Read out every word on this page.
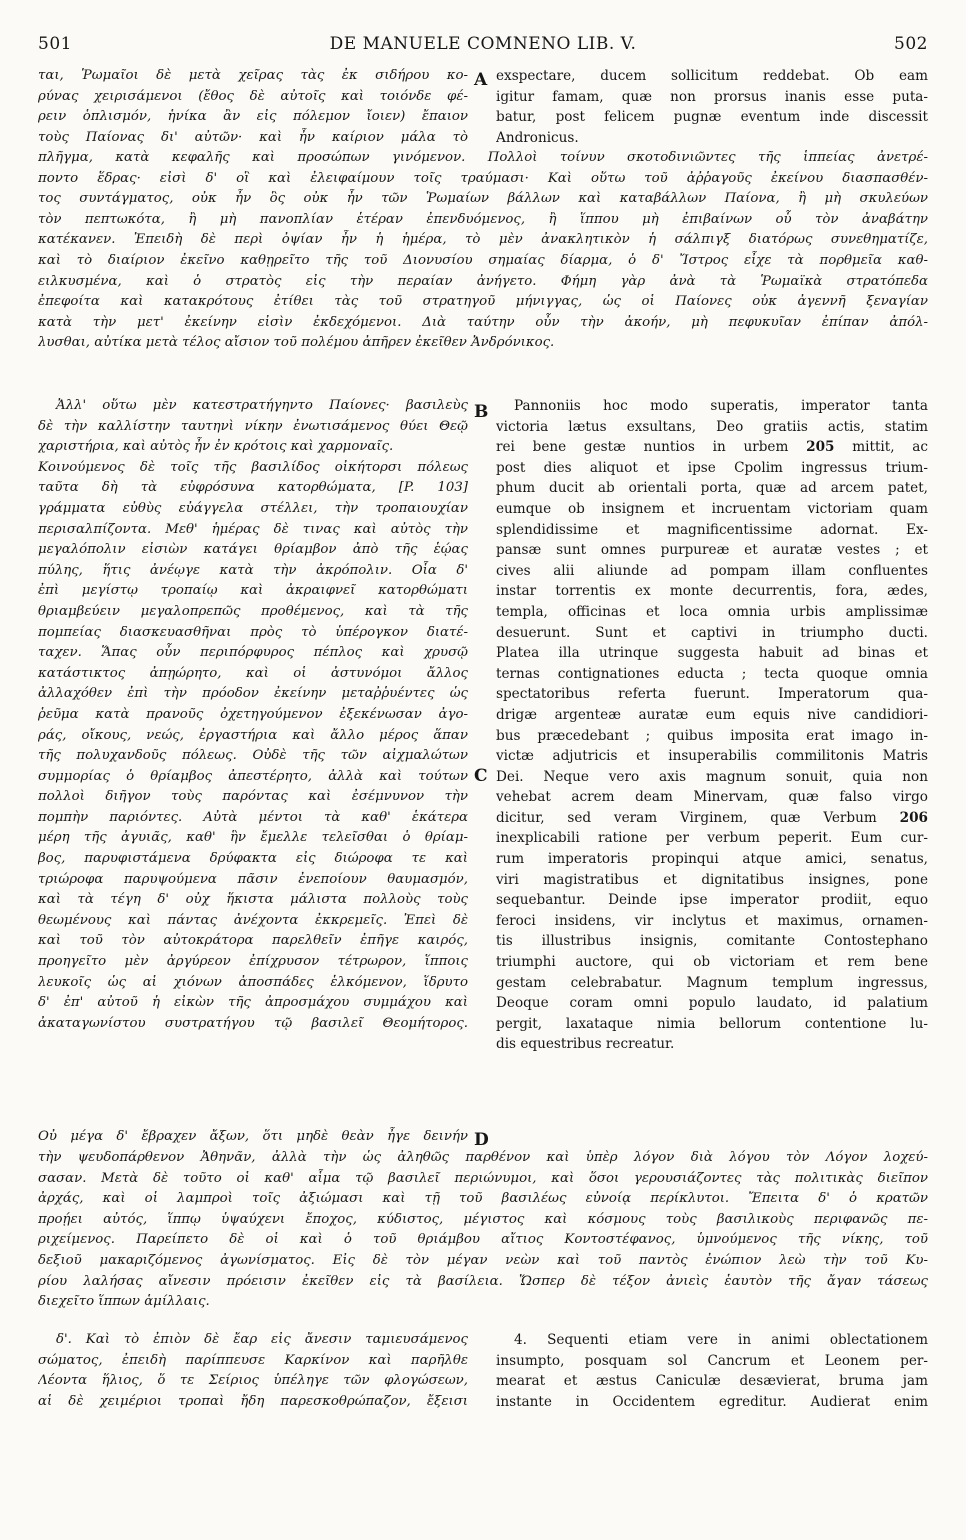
501	DE MANUELE COMNENO LIB. V.	502
ται, Ῥωμαῖοι δὲ μετὰ χεῖρας τὰς ἐκ σιδήρου κο-
ρύνας χειρισάμενοι (ἔθος δὲ αὐτοῖς καὶ τοιόνδε φέ-
ρειν ὁπλισμόν, ἡνίκα ἂν εἰς πόλεμον ἴοιεν) ἔπαιον
τοὺς Παίονας δι' αὐτῶν· καὶ ἦν καίριον μάλα τὸ
A exspectare, ducem sollicitum reddebat. Ob eam
igitur famam, quæ non prorsus inanis esse puta-
batur, post felicem pugnæ eventum inde discessit
Andronicus.
πλῆγμα, κατὰ κεφαλῆς καὶ προσώπων γινόμενον. Πολλοὶ τοίνυν σκοτοδινιῶντες τῆς ἱππείας ἀνετρέ-
ποντο ἕδρας· εἰσὶ δ' οἳ καὶ ἐλειφαίμουν τοῖς τραύμασι· Καὶ οὕτω τοῦ ἀῤῥαγοῦς ἐκείνου διασπασθέν-
τος συντάγματος, οὐκ ἦν ὃς οὐκ ἦν τῶν Ῥωμαίων βάλλων καὶ καταβάλλων Παίονα, ἢ μὴ σκυλεύων
τὸν πεπτωκότα, ἢ μὴ πανοπλίαν ἑτέραν ἐπενδυόμενος, ἢ ἵππου μὴ ἐπιβαίνων οὗ τὸν ἀναβάτην
κατέκανεν. Ἐπειδὴ δὲ περὶ ὀψίαν ἦν ἡ ἡμέρα, τὸ μὲν ἀνακλητικὸν ἡ σάλπιγξ διατόρως συνεθηματίζε,
καὶ τὸ διαίριον ἐκεῖνο καθῃρεῖτο τῆς τοῦ Διονυσίου σημαίας δίαρμα, ὁ δ' Ἴστρος εἶχε τὰ πορθμεῖα καθ-
ειλκυσμένα, καὶ ὁ στρατὸς εἰς τὴν περαίαν ἀνήγετο. Φήμη γὰρ ἀνὰ τὰ Ῥωμαϊκὰ στρατόπεδα
ἐπεφοίτα καὶ κατακρότους ἐτίθει τὰς τοῦ στρατηγοῦ μήνιγγας, ὡς οἱ Παίονες οὐκ ἀγεννῆ ξεναγίαν
κατὰ τὴν μετ' ἐκείνην εἰσὶν ἐκδεχόμενοι. Διὰ ταύτην οὖν τὴν ἀκοήν, μὴ πεφυκυῖαν ἐπίπαν ἀπόλ-
λυσθαι, αὐτίκα μετὰ τέλος αἴσιον τοῦ πολέμου ἀπῆρεν ἐκεῖθεν Ἀνδρόνικος.
Ἀλλ' οὕτω μὲν κατεστρατήγηντο Παίονες· βασιλεὺς
δὲ τὴν καλλίστην ταυτηνὶ νίκην ἐνωτισάμενος θύει Θεῷ
χαριστήρια, καὶ αὐτὸς ἦν ἐν κρότοις καὶ χαρμοναῖς.
Κοινούμενος δὲ τοῖς τῆς βασιλίδος οἰκήτορσι πόλεως
ταῦτα δὴ τὰ εὐφρόσυνα κατορθώματα, [P. 103]
γράμματα εὐθὺς εὐάγγελα στέλλει, τὴν τροπαιουχίαν
περισαλπίζοντα. Μεθ' ἡμέρας δὲ τινας καὶ αὐτὸς τὴν
μεγαλόπολιν εἰσιὼν κατάγει θρίαμβον ἀπὸ τῆς ἑῴας
πύλης, ἥτις ἀνέῳγε κατὰ τὴν ἀκρόπολιν. Οἷα δ'
ἐπὶ μεγίστῳ τροπαίῳ καὶ ἀκραιφνεῖ κατορθώματι
θριαμβεύειν μεγαλοπρεπῶς προθέμενος, καὶ τὰ τῆς
πομπείας διασκευασθῆναι πρὸς τὸ ὑπέρογκον διατέ-
ταχεν. Ἅπας οὖν περιπόρφυρος πέπλος καὶ χρυσῷ
κατάστικτος ἀπῃώρητο, καὶ οἱ ἀστυνόμοι ἄλλος
ἀλλαχόθεν ἐπὶ τὴν πρόοδον ἐκείνην μεταῤῥυέντες ὡς
ῥεῦμα κατὰ πρανοῦς ὀχετηγούμενον ἐξεκένωσαν ἀγο-
ράς, οἴκους, νεώς, ἐργαστήρια καὶ ἄλλο μέρος ἅπαν
τῆς πολυχανδοῦς πόλεως. Οὐδὲ τῆς τῶν αἰχμαλώτων
συμμορίας ὁ θρίαμβος ἀπεστέρητο, ἀλλὰ καὶ τούτων
πολλοὶ διῆγον τοὺς παρόντας καὶ ἐσέμνυνον τὴν
πομπὴν παριόντες. Αὐτὰ μέντοι τὰ καθ' ἑκάτερα
μέρη τῆς ἀγυιᾶς, καθ' ἣν ἔμελλε τελεῖσθαι ὁ θρίαμ-
βος, παρυφιστάμενα δρύφακτα εἰς διώροφα τε καὶ
τριώροφα παρυψούμενα πᾶσιν ἐνεποίουν θαυμασμόν,
καὶ τὰ τέγη δ' οὐχ ἥκιστα μάλιστα πολλοὺς τοὺς
θεωμένους καὶ πάντας ἀνέχοντα ἐκκρεμεῖς. Ἐπεὶ δὲ
καὶ τοῦ τὸν αὐτοκράτορα παρελθεῖν ἐπῆγε καιρός,
προηγεῖτο μὲν ἀργύρεον ἐπίχρυσον τέτρωρον, ἵπποις
λευκοῖς ὡς αἱ χιόνων ἀποσπάδες ἑλκόμενον, ἵδρυτο
δ' ἐπ' αὐτοῦ ἡ εἰκὼν τῆς ἀπροσμάχου συμμάχου καὶ
ἀκαταγωνίστου συστρατήγου τῷ βασιλεῖ Θεομήτορος.
B
C
Pannoniis hoc modo superatis, imperator tanta
victoria lætus exsultans, Deo gratiis actis, statim
rei bene gestæ nuntios in urbem 205 mittit, ac
post dies aliquot et ipse Cpolim ingressus trium-
phum ducit ab orientali porta, quæ ad arcem patet,
eumque ob insignem et incruentam victoriam quam
splendidissime et magnificentissime adornat. Ex-
pansæ sunt omnes purpureæ et auratæ vestes ; et
cives alii aliunde ad pompam illam confluentes
instar torrentis ex monte decurrentis, fora, ædes,
templa, officinas et loca omnia urbis amplissimæ
desuerunt. Sunt et captivi in triumpho ducti.
Platea illa utrinque suggesta habuit ad binas et
ternas contignationes educta ; tecta quoque omnia
spectatoribus referta fuerunt. Imperatorum qua-
drigæ argenteæ auratæ eum equis nive candidiori-
bus præcedebant ; quibus imposita erat imago in-
victæ adjutricis et insuperabilis commilitonis Matris
Dei. Neque vero axis magnum sonuit, quia non
vehebat acrem deam Minervam, quæ falso virgo
dicitur, sed veram Virginem, quæ Verbum 206
inexplicabili ratione per verbum peperit. Eum cur-
rum imperatoris propinqui atque amici, senatus,
viri magistratibus et dignitatibus insignes, pone
sequebantur. Deinde ipse imperator prodiit, equo
feroci insidens, vir inclytus et maximus, ornamen-
tis illustribus insignis, comitante Contostephano
triumphi auctore, qui ob victoriam et rem bene
gestam celebrabatur. Magnum templum ingressus,
Deoque coram omni populo laudato, id palatium
pergit, laxataque nimia bellorum contentione lu-
dis equestribus recreatur.
D
Οὐ μέγα δ' ἔβραχεν ἄξων, ὅτι μηδὲ θεὰν ἦγε δεινήν
τὴν ψευδοπάρθενον Ἀθηνᾶν, ἀλλὰ τὴν ὡς ἀληθῶς παρθένον καὶ ὑπὲρ λόγον διὰ λόγου τὸν Λόγον λοχεύ-
σασαν. Μετὰ δὲ τοῦτο οἱ καθ' αἷμα τῷ βασιλεῖ περιώνυμοι, καὶ ὅσοι γερουσιάζοντες τὰς πολιτικὰς διεῖπον
ἀρχάς, καὶ οἱ λαμπροὶ τοῖς ἀξιώμασι καὶ τῇ τοῦ βασιλέως εὐνοίᾳ περίκλυτοι. Ἔπειτα δ' ὁ κρατῶν
προῄει αὐτός, ἵππῳ ὑψαύχενι ἔποχος, κύδιστος, μέγιστος καὶ κόσμους τοὺς βασιλικοὺς περιφανῶς πε-
ριχείμενος. Παρείπετο δὲ οἱ καὶ ὁ τοῦ θριάμβου αἴτιος Κοντοστέφανος, ὑμνούμενος τῆς νίκης, τοῦ
δεξιοῦ μακαριζόμενος ἀγωνίσματος. Εἰς δὲ τὸν μέγαν νεὼν καὶ τοῦ παντὸς ἐνώπιον λεὼ τὴν τοῦ Κυ-
ρίου λαλήσας αἴνεσιν πρόεισιν ἐκεῖθεν εἰς τὰ βασίλεια. Ὥσπερ δὲ τέξον ἀνιεὶς ἑαυτὸν τῆς ἄγαν τάσεως
διεχεῖτο ἵππων ἁμίλλαις.
δ'. Καὶ τὸ ἐπιὸν δὲ ἔαρ εἰς ἄνεσιν ταμιευσάμενος
σώματος, ἐπειδὴ παρίππευσε Καρκίνον καὶ παρῆλθε
Λέοντα ἥλιος, ὅ τε Σείριος ὑπέληγε τῶν φλογώσεων,
αἱ δὲ χειμέριοι τροπαὶ ἤδη παρεσκοθρώπαζον, ἔξεισι
4. Sequenti etiam vere in animi oblectationem
insumpto, posquam sol Cancrum et Leonem per-
mearat et æstus Caniculæ desævierat, bruma jam
instante in Occidentem egreditur. Audierat enim
